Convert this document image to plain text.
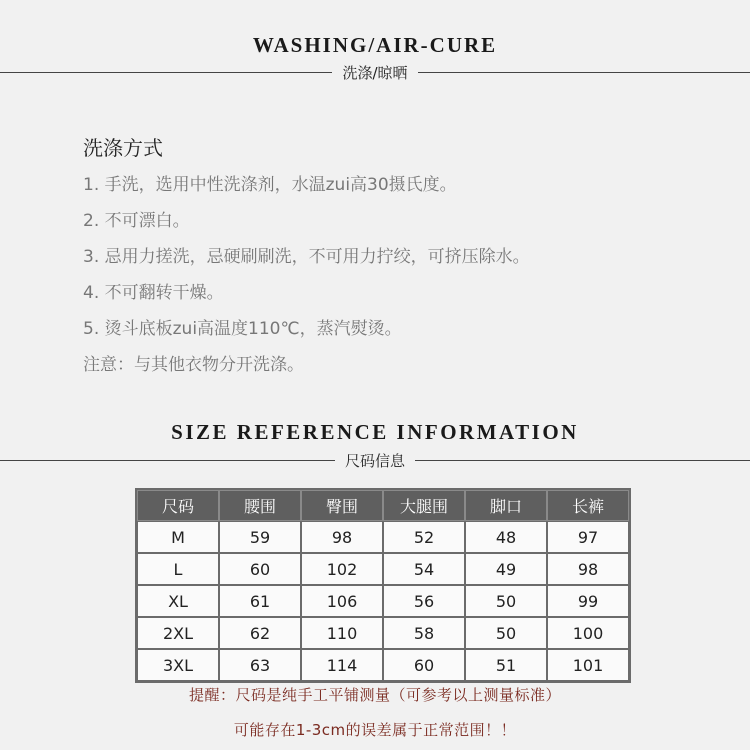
WASHING/AIR-CURE
洗涤/晾晒
洗涤方式
1. 手洗，选用中性洗涤剂，水温zui高30摄氏度。
2. 不可漂白。
3. 忌用力搓洗，忌硬刷刷洗，不可用力拧绞，可挤压除水。
4. 不可翻转干燥。
5. 烫斗底板zui高温度110℃，蒸汽熨烫。
注意：与其他衣物分开洗涤。
SIZE REFERENCE INFORMATION
尺码信息
尺码	腰围	臀围	大腿围	脚口	长裤
M	59	98	52	48	97
L	60	102	54	49	98
XL	61	106	56	50	99
2XL	62	110	58	50	100
3XL	63	114	60	51	101
提醒：尺码是纯手工平铺测量（可参考以上测量标准）
可能存在1-3cm的误差属于正常范围！！
